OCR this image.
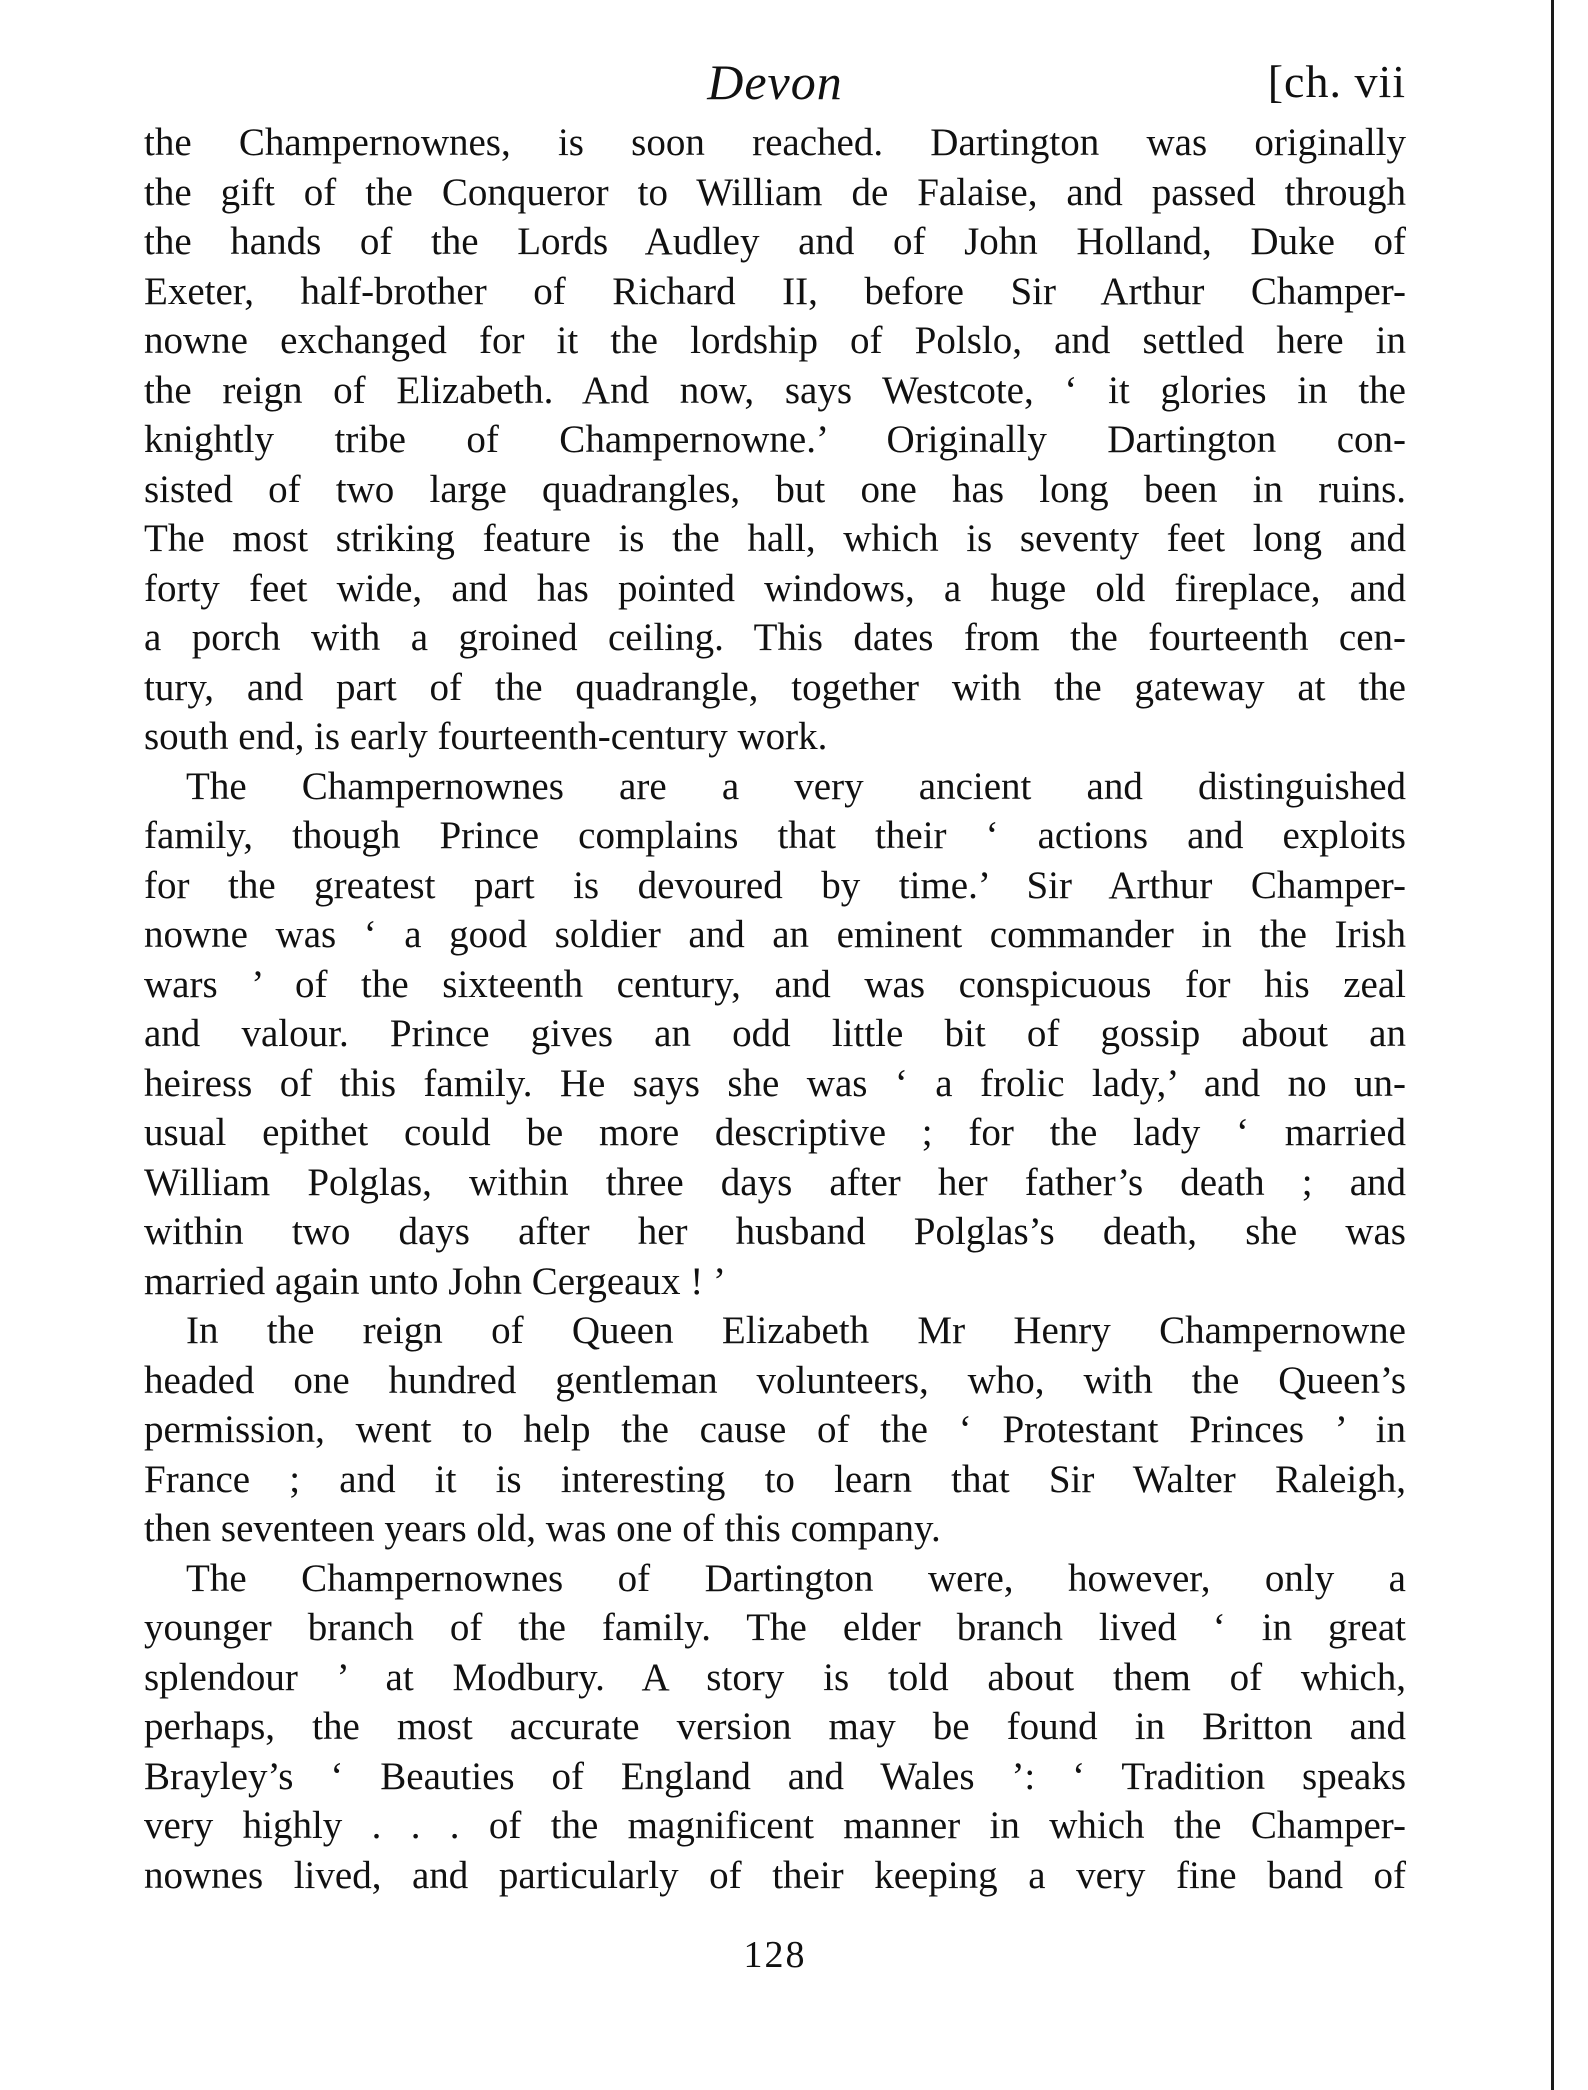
Devon	[ch. vii
the Champernownes, is soon reached. Dartington was originally
the gift of the Conqueror to William de Falaise, and passed through
the hands of the Lords Audley and of John Holland, Duke of
Exeter, half-brother of Richard II, before Sir Arthur Champer-
nowne exchanged for it the lordship of Polslo, and settled here in
the reign of Elizabeth. And now, says Westcote, ‘ it glories in the
knightly tribe of Champernowne.’ Originally Dartington con-
sisted of two large quadrangles, but one has long been in ruins.
The most striking feature is the hall, which is seventy feet long and
forty feet wide, and has pointed windows, a huge old fireplace, and
a porch with a groined ceiling. This dates from the fourteenth cen-
tury, and part of the quadrangle, together with the gateway at the
south end, is early fourteenth-century work.
The Champernownes are a very ancient and distinguished
family, though Prince complains that their ‘ actions and exploits
for the greatest part is devoured by time.’ Sir Arthur Champer-
nowne was ‘ a good soldier and an eminent commander in the Irish
wars ’ of the sixteenth century, and was conspicuous for his zeal
and valour. Prince gives an odd little bit of gossip about an
heiress of this family. He says she was ‘ a frolic lady,’ and no un-
usual epithet could be more descriptive ; for the lady ‘ married
William Polglas, within three days after her father’s death ; and
within two days after her husband Polglas’s death, she was
married again unto John Cergeaux ! ’
In the reign of Queen Elizabeth Mr Henry Champernowne
headed one hundred gentleman volunteers, who, with the Queen’s
permission, went to help the cause of the ‘ Protestant Princes ’ in
France ; and it is interesting to learn that Sir Walter Raleigh,
then seventeen years old, was one of this company.
The Champernownes of Dartington were, however, only a
younger branch of the family. The elder branch lived ‘ in great
splendour ’ at Modbury. A story is told about them of which,
perhaps, the most accurate version may be found in Britton and
Brayley’s ‘ Beauties of England and Wales ’: ‘ Tradition speaks
very highly . . . of the magnificent manner in which the Champer-
nownes lived, and particularly of their keeping a very fine band of
128
